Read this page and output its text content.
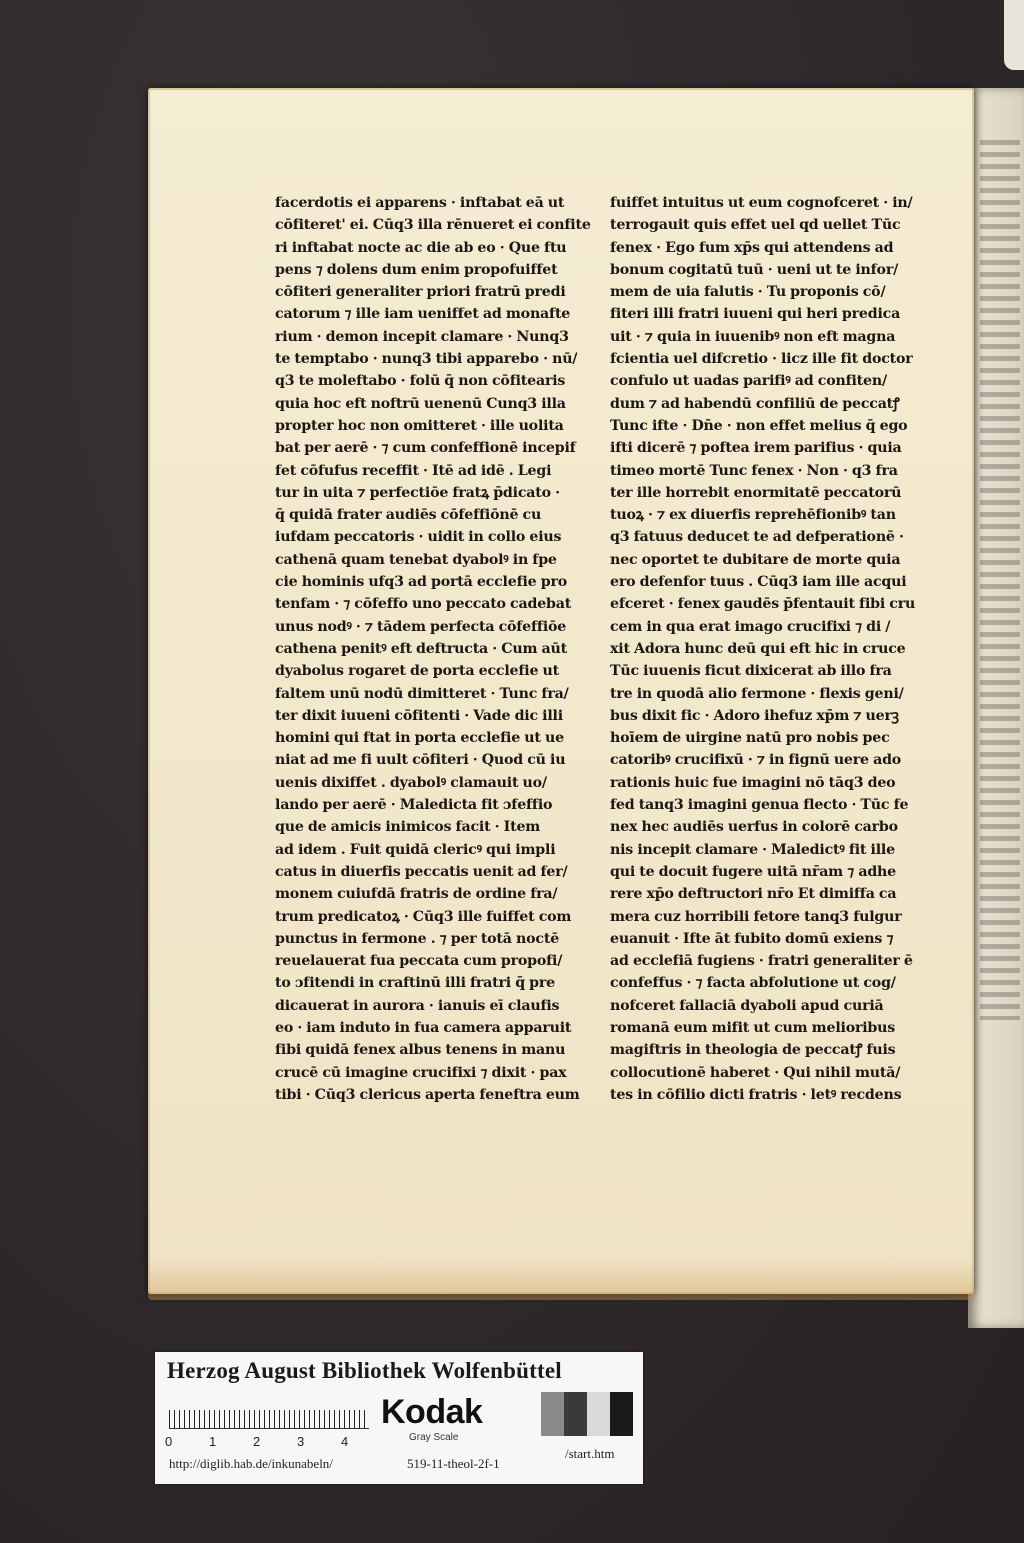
facerdotis ei apparens · inftabat eā ut
cōfiteret' ei. Cūq3 illa rēnueret ei confite
ri inftabat nocte ac die ab eo · Que ftu
pens ⁊ dolens dum enim propofuiffet
cōfiteri generaliter priori fratrū predi
catorum ⁊ ille iam ueniffet ad monafte
rium · demon incepit clamare · Nunq3
te temptabo · nunq3 tibi apparebo · nū/
q3 te moleftabo · folū q̄ non cōfitearis
quia hoc eft noftrū uenenū Cunq3 illa
propter hoc non omitteret · ille uolita
bat per aerē · ⁊ cum confeffionē incepif
fet cōfufus receffit · Itē ad idē . Legi
tur in uita ⁊ perfectiōe fratꝝ p̄dicato ·
q̄ quidā frater audiēs cōfeffiōnē cu
iufdam peccatoris · uidit in collo eius
cathenā quam tenebat dyabolꝰ in fpe
cie hominis ufq3 ad portā ecclefie pro
tenfam · ⁊ cōfeffo uno peccato cadebat
unus nodꝰ · ⁊ tādem perfecta cōfeffiōe
cathena penitꝰ eft deftructa · Cum aūt
dyabolus rogaret de porta ecclefie ut
faltem unū nodū dimitteret · Tunc fra/
ter dixit iuueni cōfitenti · Vade dic illi
homini qui ftat in porta ecclefie ut ue
niat ad me fi uult cōfiteri · Quod cū iu
uenis dixiffet . dyabolꝰ clamauit uo/
lando per aerē · Maledicta fit ɔfeffio
que de amicis inimicos facit · Item
ad idem . Fuit quidā clericꝰ qui impli
catus in diuerfis peccatis uenit ad fer/
monem cuiufdā fratris de ordine fra/
trum predicatoꝝ · Cūq3 ille fuiffet com
punctus in fermone . ⁊ per totā noctē
reuelauerat fua peccata cum propofi/
to ɔfitendi in craftinū illi fratri q̄ pre
dicauerat in aurora · ianuis eī claufis
eo · iam induto in fua camera apparuit
fibi quidā fenex albus tenens in manu
crucē cū imagine crucifixi ⁊ dixit · pax
tibi · Cūq3 clericus aperta feneftra eum
fuiffet intuitus ut eum cognofceret · in/
terrogauit quis effet uel qd uellet Tūc
fenex · Ego fum xp̄s qui attendens ad
bonum cogitatū tuū · ueni ut te infor/
mem de uia falutis · Tu proponis cō/
fiteri illi fratri iuueni qui heri predica
uit · ⁊ quia in iuuenibꝰ non eft magna
fcientia uel difcretio · licz ille fit doctor
confulo ut uadas parifiꝰ ad confiten/
dum ⁊ ad habendū confiliū de peccatꝭ
Tunc ifte · Dn̄e · non effet melius q̄ ego
ifti dicerē ⁊ poftea irem parifius · quia
timeo mortē Tunc fenex · Non · q3 fra
ter ille horrebit enormitatē peccatorū
tuoꝝ · ⁊ ex diuerfis reprehēfionibꝰ tan
q3 fatuus deducet te ad defperationē ·
nec oportet te dubitare de morte quia
ero defenfor tuus . Cūq3 iam ille acqui
efceret · fenex gaudēs p̄fentauit fibi cru
cem in qua erat imago crucifixi ⁊ di /
xit Adora hunc deū qui eft hic in cruce
Tūc iuuenis ficut dixicerat ab illo fra
tre in quodā alio fermone · flexis geni/
bus dixit fic · Adoro ihefuz xp̄m ⁊ uerꝫ
hoīem de uirgine natū pro nobis pec
catoribꝰ crucifixū · ⁊ in fignū uere ado
rationis huic fue imagini nō tāq3 deo
fed tanq3 imagini genua flecto · Tūc fe
nex hec audiēs uerfus in colorē carbo
nis incepit clamare · Maledictꝰ fit ille
qui te docuit fugere uitā nr̄am ⁊ adhe
rere xp̄o deftructori nr̄o Et dimiffa ca
mera cuz horribili fetore tanq3 fulgur
euanuit · Ifte āt fubito domū exiens ⁊
ad ecclefiā fugiens · fratri generaliter ē
confeffus · ⁊ facta abfolutione ut cog/
nofceret fallaciā dyaboli apud curiā
romanā eum mifit ut cum melioribus
magiftris in theologia de peccatꝭ fuis
collocutionē haberet · Qui nihil mutā/
tes in cōfilio dicti fratris · letꝰ recdens
Herzog August Bibliothek Wolfenbüttel
0	1	2	3	4
Kodak
Gray Scale
http://diglib.hab.de/inkunabeln/	519-11-theol-2f-1
/start.htm
